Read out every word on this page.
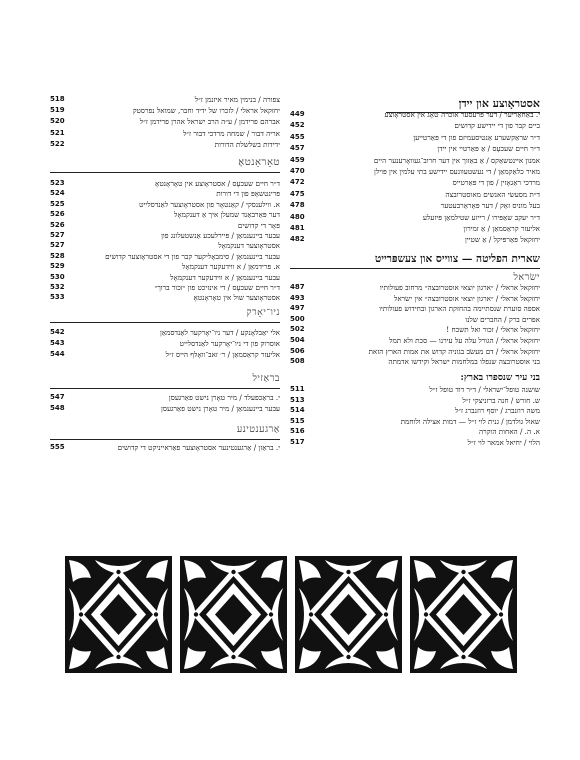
אסטראָוצע און יידן
449	י. באַחאַריער / דער פּרעסער אוכרה־טאָג אין אסטראָוצע
452	ביים קבר פון די יידישע קדושים
455	ד״ר שראַקשערע אַנטיסעמיזם פון די פּאַרטייען
457	ד״ר חיים שעכעָס / אַ פּאַרטיי אין יידן
459	אמנון איינטשאַקס / אַ באַזוך אין דער חרוב־געוואָרענער היים
470	מאיר כלאַקמאַן / די נעשטעוונעס יידישע בתי עלמין אין פּוילן
472	מרדכי ראַגאָזין / פון די פּאַרטייס
475	ד״ת מסעשׂי האנשים מאוסטרובצה
478	בעל מוניס זאַק / דער פּאַראַרבעטער
480	ד״ר יעקב שאַפּירו / רייזע שטילמאַן פּיזעלע
481	אליעזר קראַסמאַן / אַ זמירון
482	יחזקאל פּאַרפּיקל / אַ שטיין
שארית הפליטה — צווייס און צעשפּרייט
ישׂראל
487	יחזקאל אראלי / ״ארגון יוצאי אוסטרובצה״ מרחוב פעולותיו
493	יחזקאל אראלי / ״ארגון יוצאי אוסטרובצה״ אין ישׂראל
497	אספה סוערת שנסתיימה בהחזקת הארגון ובחידוש פעולותיו
500	אפרים ברק / החברים שלנו
502	יחזקאל אראלי / זכור ואל תשכח !
504	יחזקאל אראלי / הגורל עלה על עירנו — סכת ולא תמל
506	יחזקאל אראלי / דם מעשֹׂב בגוניה קדוש את אמות הארץ הזאת
508	בני אוסטרובצה שנפלו במלחמות ישראל וקידשו אדמתה
בני עיר שנספרו בארץ:
511	שושנה טופל־ישראלי / ד״ר דוד טופל ז״ל
513	ש. חורש / חנה ברזניצקי ז״ל
514	משה רוזנברג / יוסף רוזנברג ז״ל
515	שאול גולדמן / גנית לוי ז״ל — דמות אצילה ולוחמת
516	א. ה. / האחות הוקרה
517	הלוי / יחיאל אמאר לוי ז״ל
518	צפורה / בנימין מאיר איזנמן ז״ל
519	יחזקאל אראלי / לזכרו של ידיד וחבר, שמואל נפרסטק
520	אברהם פרידמן / ע״ה הרב ישראל אהרן פרידמן ז״ל
521	אריה דבור / שמחה מרדכי דבור ז״ל
522	ידידות בשלשלת הדורות
טאָראָנטאָ
523	ד״ר חיים שעכעָס / אסטראָוצע אין טאָראָנטאָ
524	פּרינטשאָפּ פון די דורות
525	א. ווילענסקי / קאַנטאָר פון אסטראָוצער לאַנדסלייט
526	דער פּאַרבאַנד שמעלן איך אַ דענקמאָל
526	פּאָר די קדושים
527	עבער ביינענמאַן / פּיירלעכע אַנשטעלונג פון
527	אסטראָוצער דענקמאָל
528	עבער ביינענמאַן / סימבאָליקער קבר פון די אסטראָוצער קדושים
529	א. פּרידמאַן / א ווידעקער דענקמאָל
530	עבער ביינענמאַן / א ווידעקער דענקמאָל
532	ד״ר חיים שעכעָס / די אינזיכט פון ״זכור ברוך״
533	אסטראָוצער שול אין טאָראָנטאָ
ניו־יאָרק
542	אלי יאַבלאָנקע / דער ניו־יאָרקער לאַנדסמאַן
543	אוסרוק פון די ניו־יאָרקער לאַנדסלייט
544	אליעזר קראַסמאַן / ר׳ זאב־וואָלף הייס ז״ל
בראַזיל
547	י. בראַכפעלד / מיר טאָרן נישט פאַרגעסן
548	עבער ביינענמאַן / מיר טאָרן נישט פאַרגעסן
אַרגענטינע
555	י. בראַזן / אַרגענטינער אסטראָוצער פאַראייניקט די קדושים
